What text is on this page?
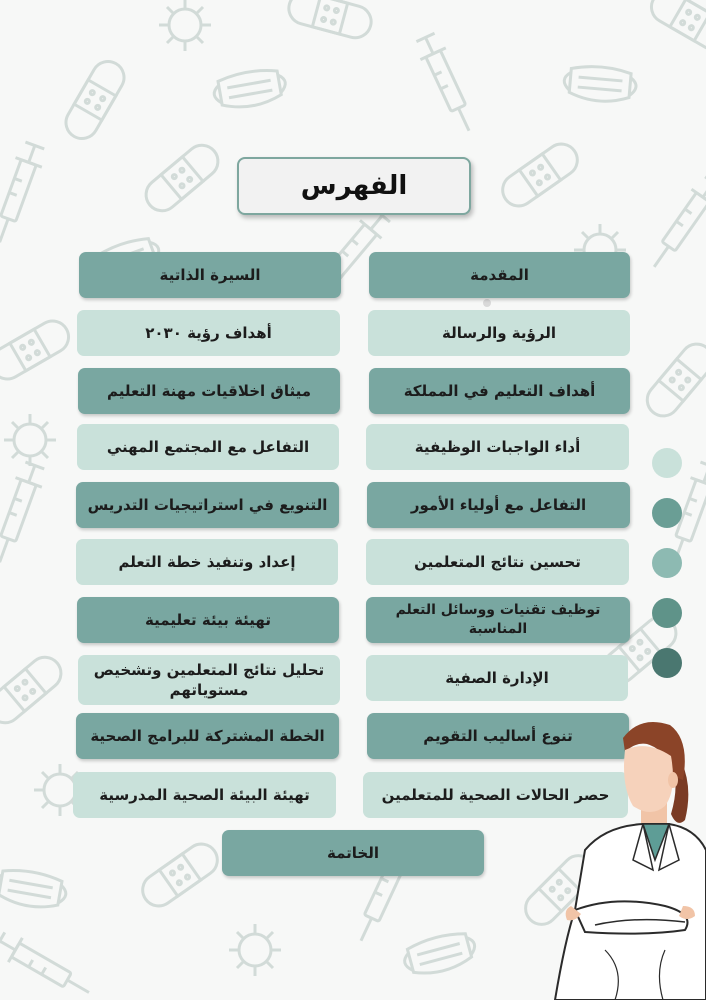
الفهرس
المقدمة
الرؤية والرسالة
أهداف التعليم في المملكة
أداء الواجبات الوظيفية
التفاعل مع أولياء الأمور
تحسين نتائج المتعلمين
توظيف تقنيات ووسائل التعلم المناسبة
الإدارة الصفية
تنوع أساليب التقويم
حصر الحالات الصحية للمتعلمين
السيرة الذاتية
أهداف رؤية ٢٠٣٠
ميثاق اخلاقيات مهنة التعليم
التفاعل مع المجتمع المهني
التنويع في استراتيجيات التدريس
إعداد وتنفيذ خطة التعلم
تهيئة بيئة تعليمية
تحليل نتائج المتعلمين وتشخيص مستوياتهم
الخطة المشتركة للبرامج الصحية
تهيئة البيئة الصحية المدرسية
الخاتمة
